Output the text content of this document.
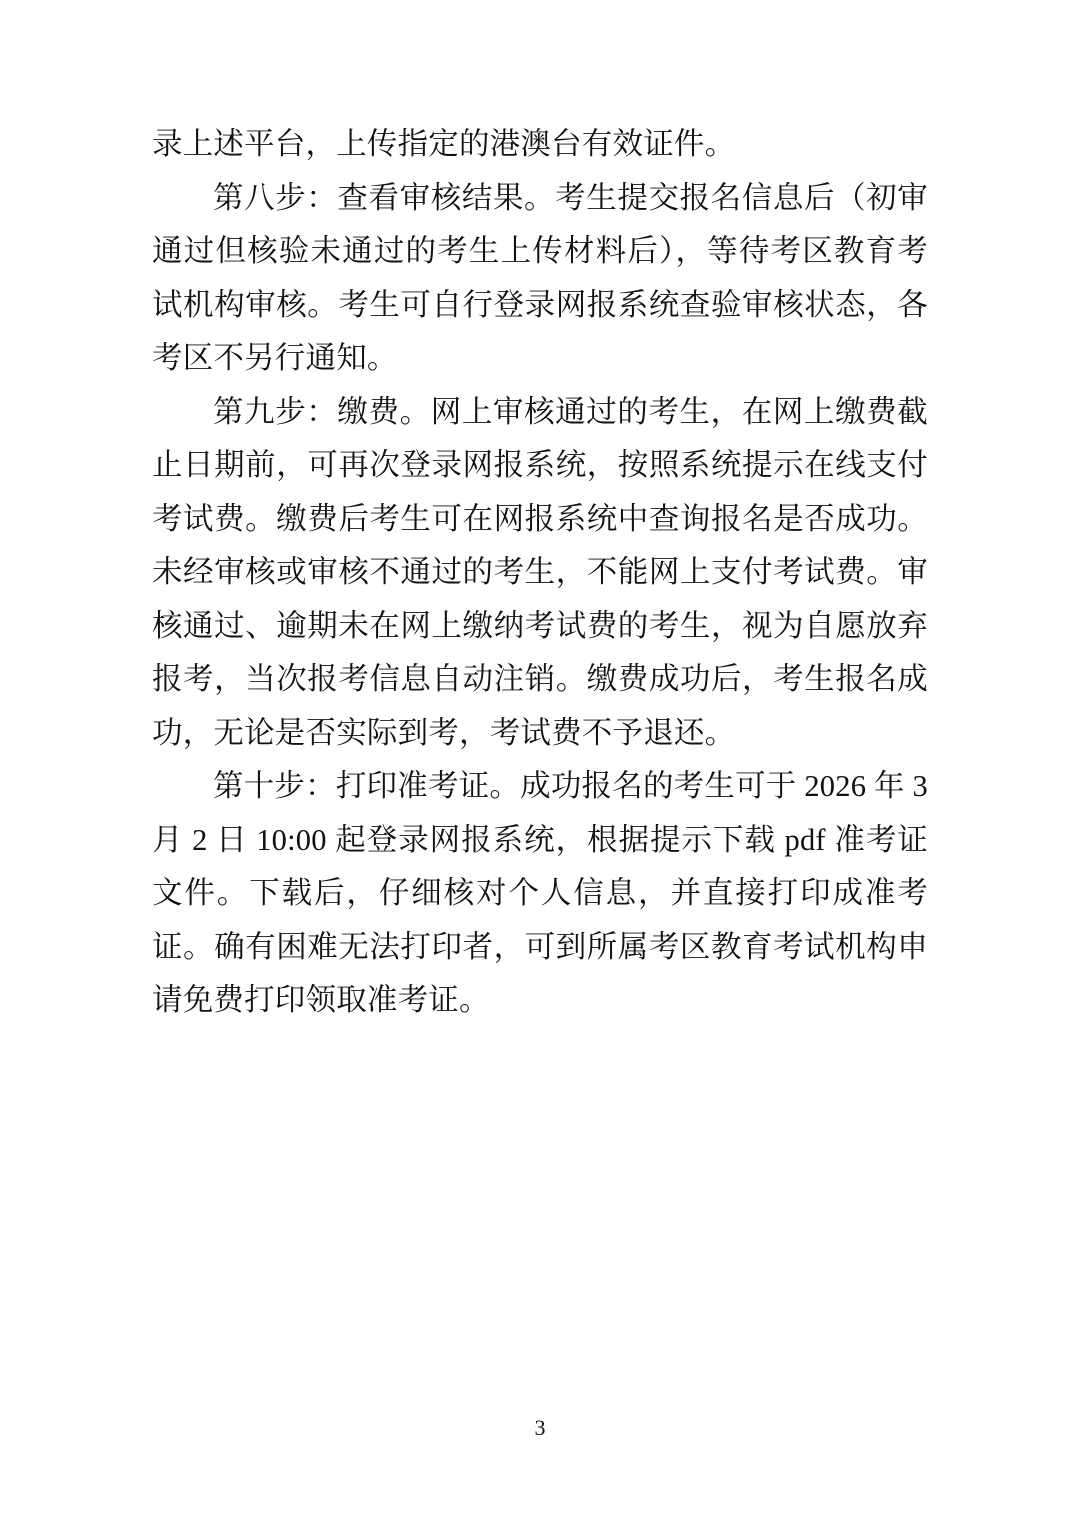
录上述平台，上传指定的港澳台有效证件。

第八步：查看审核结果。考生提交报名信息后（初审通过但核验未通过的考生上传材料后），等待考区教育考试机构审核。考生可自行登录网报系统查验审核状态，各考区不另行通知。

第九步：缴费。网上审核通过的考生，在网上缴费截止日期前，可再次登录网报系统，按照系统提示在线支付考试费。缴费后考生可在网报系统中查询报名是否成功。未经审核或审核不通过的考生，不能网上支付考试费。审核通过、逾期未在网上缴纳考试费的考生，视为自愿放弃报考，当次报考信息自动注销。缴费成功后，考生报名成功，无论是否实际到考，考试费不予退还。

第十步：打印准考证。成功报名的考生可于 2026 年 3 月 2 日 10:00 起登录网报系统，根据提示下载 pdf 准考证文件。下载后，仔细核对个人信息，并直接打印成准考证。确有困难无法打印者，可到所属考区教育考试机构申请免费打印领取准考证。

3
